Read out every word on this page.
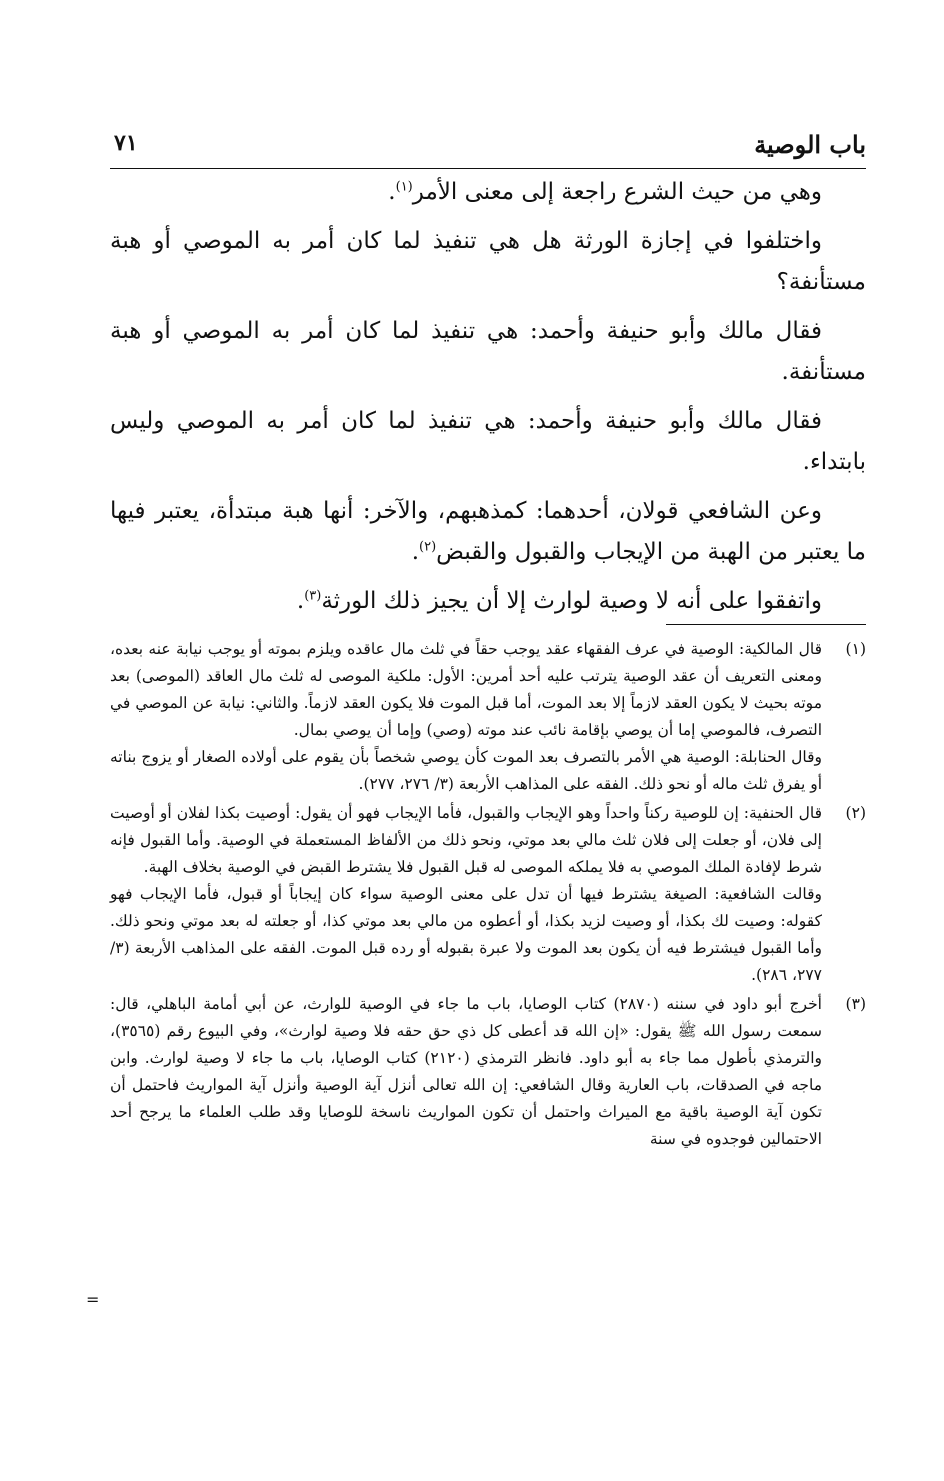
باب الوصية
٧١

وهي من حيث الشرع راجعة إلى معنى الأمر$^{(١)}$.

واختلفوا في إجازة الورثة هل هي تنفيذ لما كان أمر به الموصي أو هبة مستأنفة؟

فقال مالك وأبو حنيفة وأحمد: هي تنفيذ لما كان أمر به الموصي أو هبة مستأنفة.

فقال مالك وأبو حنيفة وأحمد: هي تنفيذ لما كان أمر به الموصي وليس بابتداء.

وعن الشافعي قولان، أحدهما: كمذهبهم، والآخر: أنها هبة مبتدأة، يعتبر فيها ما يعتبر من الهبة من الإيجاب والقبول والقبض$^{(٢)}$.

واتفقوا على أنه لا وصية لوارث إلا أن يجيز ذلك الورثة$^{(٣)}$.

(١)

قال المالكية: الوصية في عرف الفقهاء عقد يوجب حقاً في ثلث مال عاقده ويلزم بموته أو يوجب نيابة عنه بعده، ومعنى التعريف أن عقد الوصية يترتب عليه أحد أمرين: الأول: ملكية الموصى له ثلث مال العاقد (الموصى) بعد موته بحيث لا يكون العقد لازماً إلا بعد الموت، أما قبل الموت فلا يكون العقد لازماً. والثاني: نيابة عن الموصي في التصرف، فالموصي إما أن يوصي بإقامة نائب عند موته (وصي) وإما أن يوصي بمال.

وقال الحنابلة: الوصية هي الأمر بالتصرف بعد الموت كأن يوصي شخصاً بأن يقوم على أولاده الصغار أو يزوج بناته أو يفرق ثلث ماله أو نحو ذلك. الفقه على المذاهب الأربعة (٣/ ٢٧٦، ٢٧٧).

(٢)

قال الحنفية: إن للوصية ركناً واحداً وهو الإيجاب والقبول، فأما الإيجاب فهو أن يقول: أوصيت بكذا لفلان أو أوصيت إلى فلان، أو جعلت إلى فلان ثلث مالي بعد موتي، ونحو ذلك من الألفاظ المستعملة في الوصية. وأما القبول فإنه شرط لإفادة الملك الموصي به فلا يملكه الموصى له قبل القبول فلا يشترط القبض في الوصية بخلاف الهبة.

وقالت الشافعية: الصيغة يشترط فيها أن تدل على معنى الوصية سواء كان إيجاباً أو قبول، فأما الإيجاب فهو كقوله: وصيت لك بكذا، أو وصيت لزيد بكذا، أو أعطوه من مالي بعد موتي كذا، أو جعلته له بعد موتي ونحو ذلك. وأما القبول فيشترط فيه أن يكون بعد الموت ولا عبرة بقبوله أو رده قبل الموت. الفقه على المذاهب الأربعة (٣/ ٢٧٧، ٢٨٦).

(٣)

أخرج أبو داود في سننه (٢٨٧٠) كتاب الوصايا، باب ما جاء في الوصية للوارث، عن أبي أمامة الباهلي، قال: سمعت رسول الله ﷺ يقول: «إن الله قد أعطى كل ذي حق حقه فلا وصية لوارث»، وفي البيوع رقم (٣٥٦٥)، والترمذي بأطول مما جاء به أبو داود. فانظر الترمذي (٢١٢٠) كتاب الوصايا، باب ما جاء لا وصية لوارث. وابن ماجه في الصدقات، باب العارية وقال الشافعي: إن الله تعالى أنزل آية الوصية وأنزل آية المواريث فاحتمل أن تكون آية الوصية باقية مع الميراث واحتمل أن تكون المواريث ناسخة للوصايا وقد طلب العلماء ما يرجح أحد الاحتمالين فوجدوه في سنة

=
